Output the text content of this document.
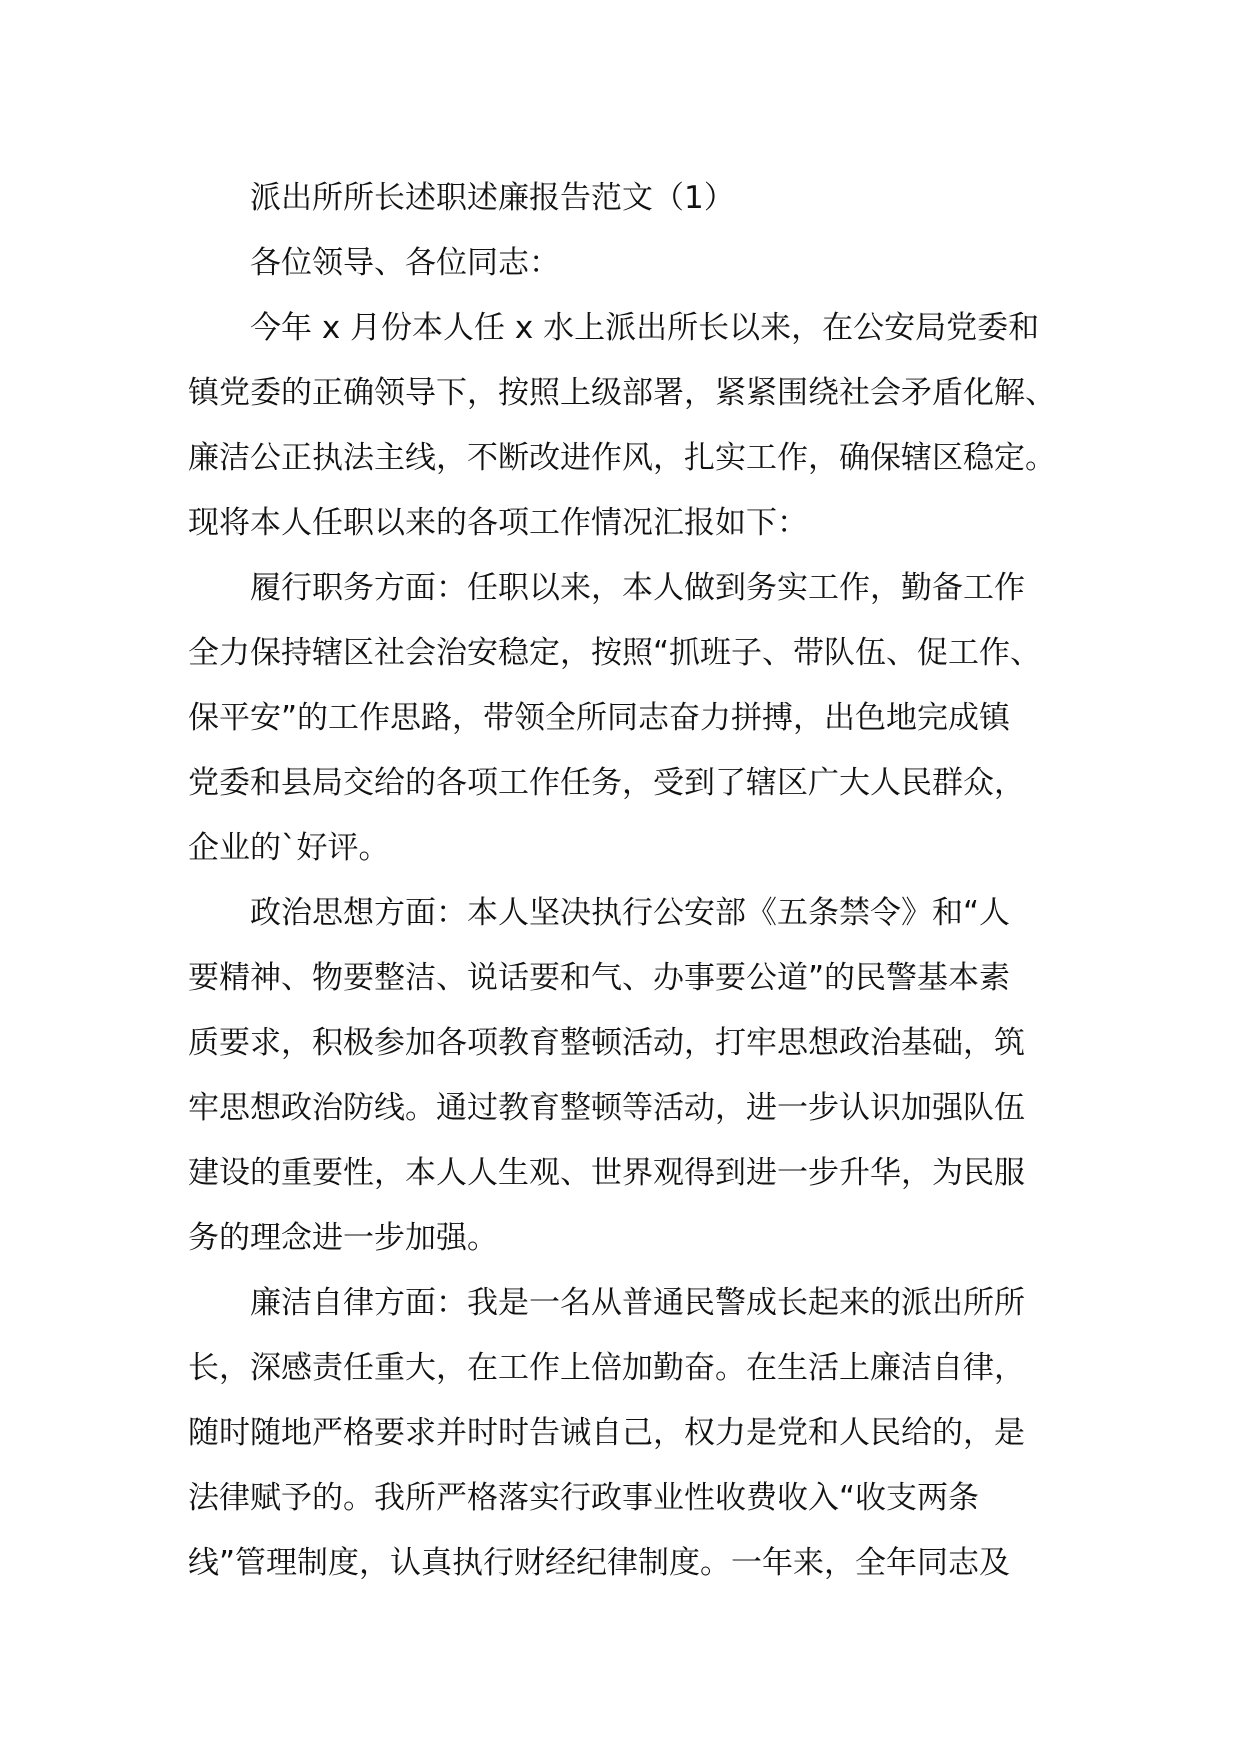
派出所所长述职述廉报告范文（1）
各位领导、各位同志：
今年 x 月份本人任 x 水上派出所长以来，在公安局党委和
镇党委的正确领导下，按照上级部署，紧紧围绕社会矛盾化解、
廉洁公正执法主线，不断改进作风，扎实工作，确保辖区稳定。
现将本人任职以来的各项工作情况汇报如下：
履行职务方面：任职以来，本人做到务实工作，勤备工作
全力保持辖区社会治安稳定，按照“抓班子、带队伍、促工作、
保平安”的工作思路，带领全所同志奋力拼搏，出色地完成镇
党委和县局交给的各项工作任务，受到了辖区广大人民群众，
企业的`好评。
政治思想方面：本人坚决执行公安部《五条禁令》和“人
要精神、物要整洁、说话要和气、办事要公道”的民警基本素
质要求，积极参加各项教育整顿活动，打牢思想政治基础，筑
牢思想政治防线。通过教育整顿等活动，进一步认识加强队伍
建设的重要性，本人人生观、世界观得到进一步升华，为民服
务的理念进一步加强。
廉洁自律方面：我是一名从普通民警成长起来的派出所所
长，深感责任重大，在工作上倍加勤奋。在生活上廉洁自律，
随时随地严格要求并时时告诫自己，权力是党和人民给的，是
法律赋予的。我所严格落实行政事业性收费收入“收支两条
线”管理制度，认真执行财经纪律制度。一年来，全年同志及
